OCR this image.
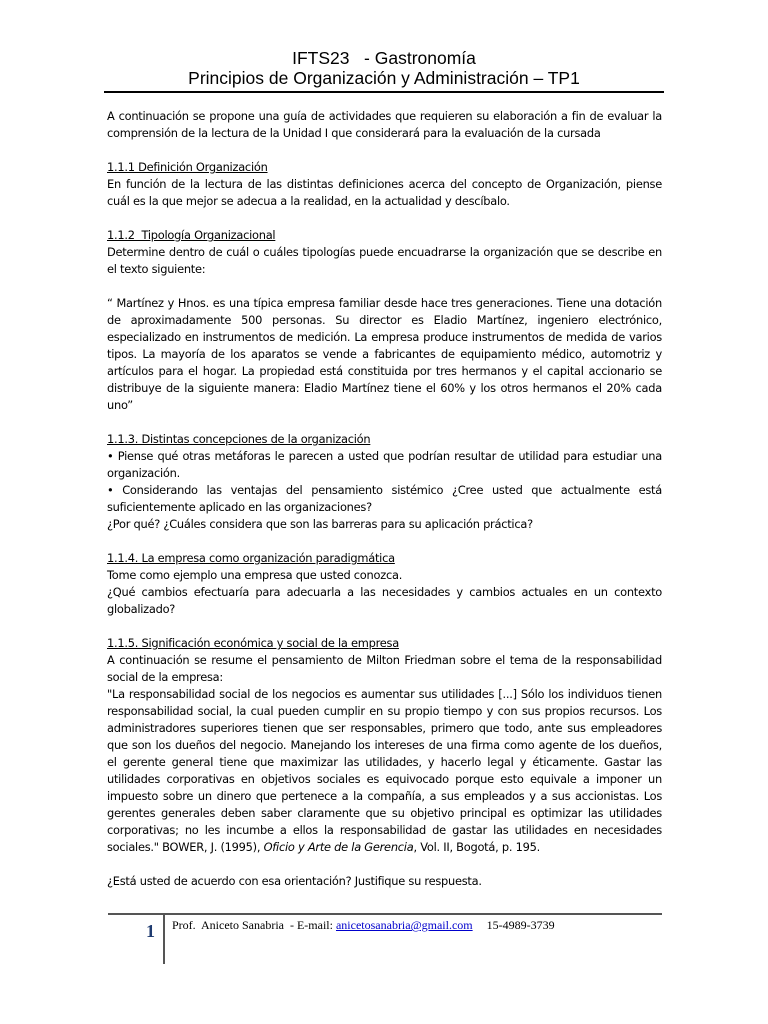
IFTS23   - Gastronomía
Principios de Organización y Administración – TP1

A continuación se propone una guía de actividades que requieren su elaboración a fin de evaluar la comprensión de la lectura de la Unidad I que considerará para la evaluación de la cursada

1.1.1 Definición Organización

En función de la lectura de las distintas definiciones acerca del concepto de Organización, piense cuál es la que mejor se adecua a la realidad, en la actualidad y descíbalo.

1.1.2  Tipología Organizacional

Determine dentro de cuál o cuáles tipologías puede encuadrarse la organización que se describe en el texto siguiente:

“ Martínez y Hnos. es una típica empresa familiar desde hace tres generaciones. Tiene una dotación de aproximadamente 500 personas. Su director es Eladio Martínez, ingeniero electrónico, especializado en instrumentos de medición. La empresa produce instrumentos de medida de varios tipos. La mayoría de los aparatos se vende a fabricantes de equipamiento médico, automotriz y artículos para el hogar. La propiedad está constituida por tres hermanos y el capital accionario se distribuye de la siguiente manera: Eladio Martínez tiene el 60% y los otros hermanos el 20% cada uno”

1.1.3. Distintas concepciones de la organización

• Piense qué otras metáforas le parecen a usted que podrían resultar de utilidad para estudiar una organización.

• Considerando las ventajas del pensamiento sistémico ¿Cree usted que actualmente está suficientemente aplicado en las organizaciones?

¿Por qué? ¿Cuáles considera que son las barreras para su aplicación práctica?

1.1.4. La empresa como organización paradigmática

Tome como ejemplo una empresa que usted conozca.

¿Qué cambios efectuaría para adecuarla a las necesidades y cambios actuales en un contexto globalizado?

1.1.5. Significación económica y social de la empresa

A continuación se resume el pensamiento de Milton Friedman sobre el tema de la responsabilidad social de la empresa:

"La responsabilidad social de los negocios es aumentar sus utilidades [...] Sólo los individuos tienen responsabilidad social, la cual pueden cumplir en su propio tiempo y con sus propios recursos. Los administradores superiores tienen que ser responsables, primero que todo, ante sus empleadores que son los dueños del negocio. Manejando los intereses de una firma como agente de los dueños, el gerente general tiene que maximizar las utilidades, y hacerlo legal y éticamente. Gastar las utilidades corporativas en objetivos sociales es equivocado porque esto equivale a imponer un impuesto sobre un dinero que pertenece a la compañía, a sus empleados y a sus accionistas. Los gerentes generales deben saber claramente que su objetivo principal es optimizar las utilidades corporativas; no les incumbe a ellos la responsabilidad de gastar las utilidades en necesidades sociales." BOWER, J. (1995), Oficio y Arte de la Gerencia, Vol. II, Bogotá, p. 195.

¿Está usted de acuerdo con esa orientación? Justifique su respuesta.

1 Prof.  Aniceto Sanabria  - E-mail: anicetosanabria@gmail.com 15-4989-3739
